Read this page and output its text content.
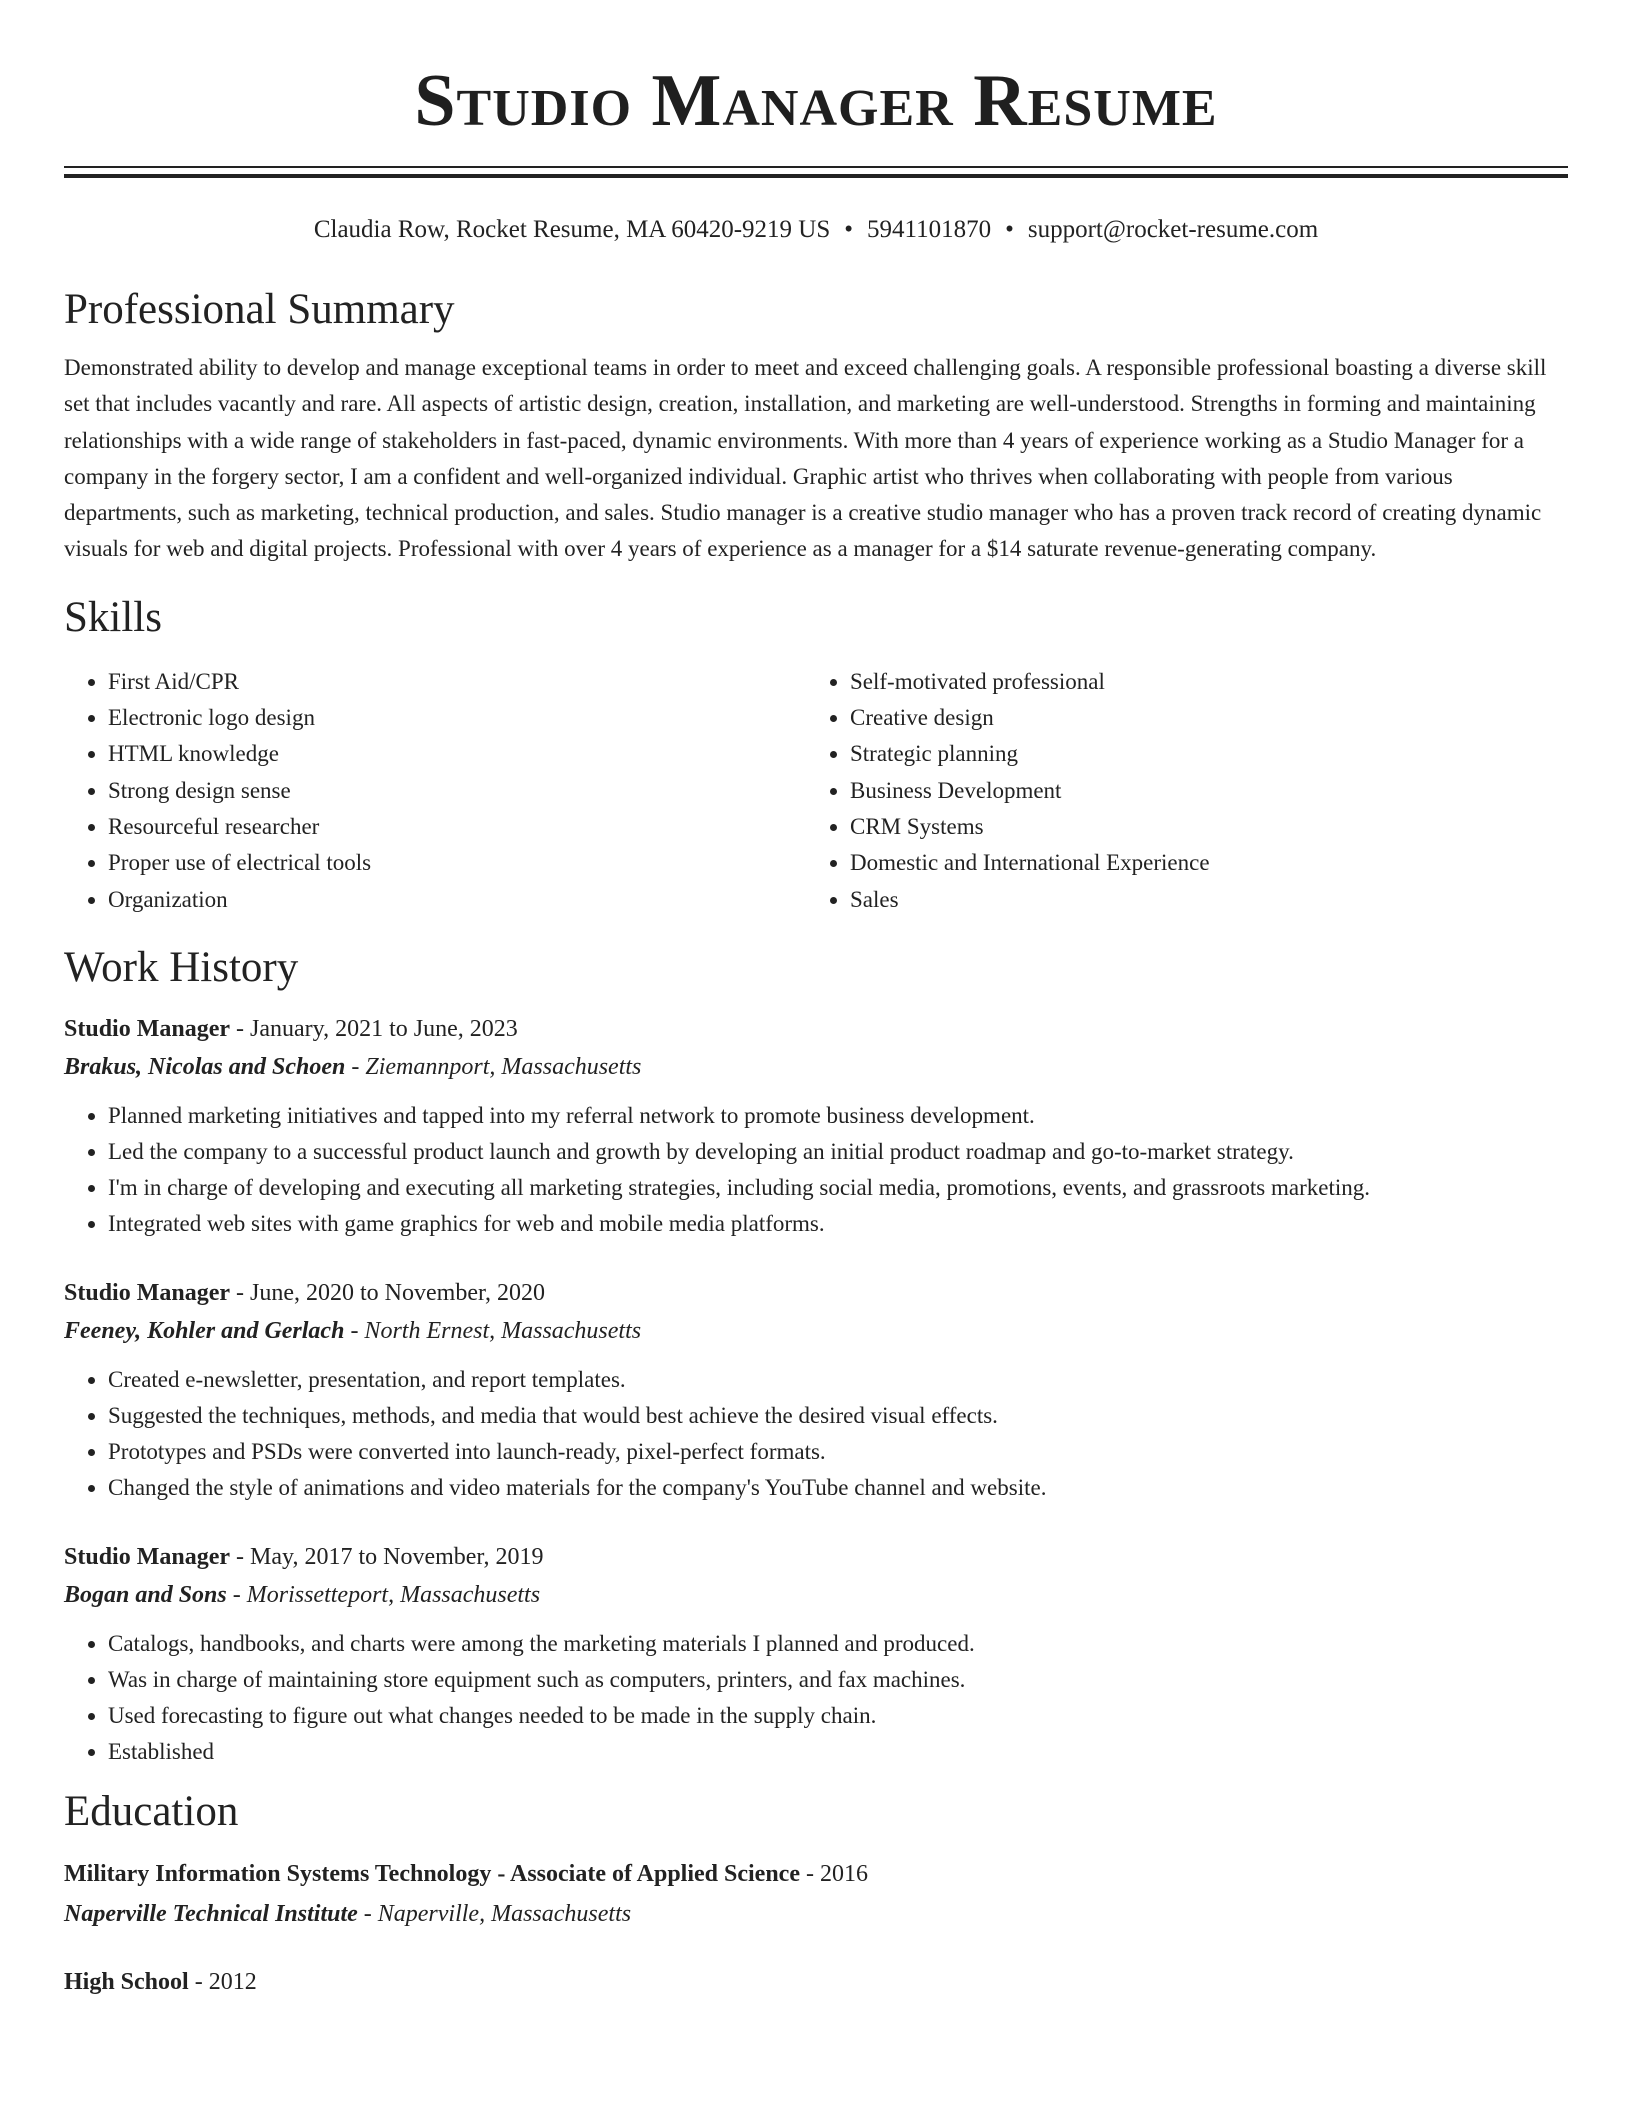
Studio Manager Resume
Claudia Row, Rocket Resume, MA 60420-9219 US • 5941101870 • support@rocket-resume.com
Professional Summary

Demonstrated ability to develop and manage exceptional teams in order to meet and exceed challenging goals. A responsible professional boasting a diverse skill set that includes vacantly and rare. All aspects of artistic design, creation, installation, and marketing are well-understood. Strengths in forming and maintaining relationships with a wide range of stakeholders in fast-paced, dynamic environments. With more than 4 years of experience working as a Studio Manager for a company in the forgery sector, I am a confident and well-organized individual. Graphic artist who thrives when collaborating with people from various departments, such as marketing, technical production, and sales. Studio manager is a creative studio manager who has a proven track record of creating dynamic visuals for web and digital projects. Professional with over 4 years of experience as a manager for a $14 saturate revenue-generating company.

Skills
• First Aid/CPR
• Electronic logo design
• HTML knowledge
• Strong design sense
• Resourceful researcher
• Proper use of electrical tools
• Organization
• Self-motivated professional
• Creative design
• Strategic planning
• Business Development
• CRM Systems
• Domestic and International Experience
• Sales
Work History
Studio Manager - January, 2021 to June, 2023
Brakus, Nicolas and Schoen - Ziemannport, Massachusetts
• Planned marketing initiatives and tapped into my referral network to promote business development.
• Led the company to a successful product launch and growth by developing an initial product roadmap and go-to-market strategy.
• I'm in charge of developing and executing all marketing strategies, including social media, promotions, events, and grassroots marketing.
• Integrated web sites with game graphics for web and mobile media platforms.
Studio Manager - June, 2020 to November, 2020
Feeney, Kohler and Gerlach - North Ernest, Massachusetts
• Created e-newsletter, presentation, and report templates.
• Suggested the techniques, methods, and media that would best achieve the desired visual effects.
• Prototypes and PSDs were converted into launch-ready, pixel-perfect formats.
• Changed the style of animations and video materials for the company's YouTube channel and website.
Studio Manager - May, 2017 to November, 2019
Bogan and Sons - Morissetteport, Massachusetts
• Catalogs, handbooks, and charts were among the marketing materials I planned and produced.
• Was in charge of maintaining store equipment such as computers, printers, and fax machines.
• Used forecasting to figure out what changes needed to be made in the supply chain.
• Established
Education
Military Information Systems Technology - Associate of Applied Science - 2016
Naperville Technical Institute - Naperville, Massachusetts
High School - 2012
